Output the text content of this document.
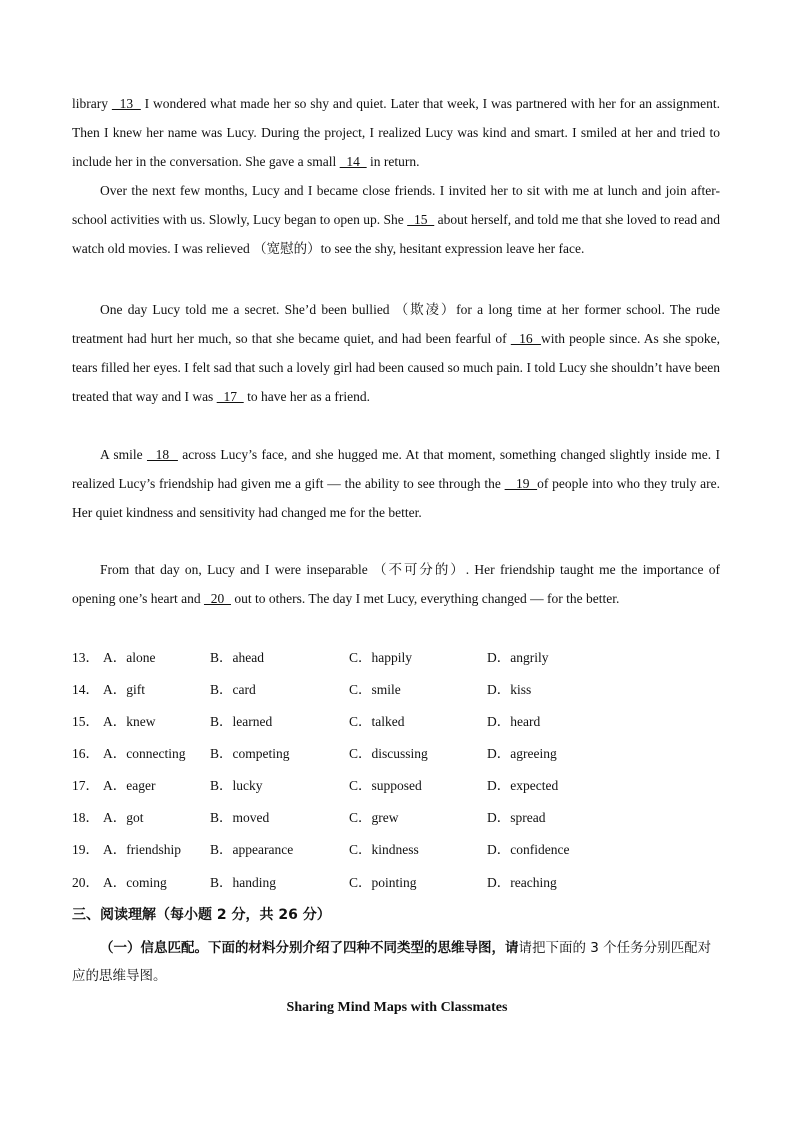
library   13   I wondered what made her so shy and quiet. Later that week, I was partnered with her for an assignment. Then I knew her name was Lucy. During the project, I realized Lucy was kind and smart. I smiled at her and tried to include her in the conversation. She gave a small   14   in return.
Over the next few months, Lucy and I became close friends. I invited her to sit with me at lunch and join after-school activities with us. Slowly, Lucy began to open up. She   15   about herself, and told me that she loved to read and watch old movies. I was relieved （宽慰的）to see the shy, hesitant expression leave her face.
One day Lucy told me a secret. She’d been bullied （欺凌）for a long time at her former school. The rude treatment had hurt her much, so that she became quiet, and had been fearful of   16  with people since. As she spoke, tears filled her eyes. I felt sad that such a lovely girl had been caused so much pain. I told Lucy she shouldn’t have been treated that way and I was   17   to have her as a friend.
A smile   18   across Lucy’s face, and she hugged me. At that moment, something changed slightly inside me. I realized Lucy’s friendship had given me a gift — the ability to see through the    19  of people into who they truly are. Her quiet kindness and sensitivity had changed me for the better.
From that day on, Lucy and I were inseparable （不可分的）. Her friendship taught me the importance of opening one’s heart and   20   out to others. The day I met Lucy, everything changed — for the better.
13． A．alone	B．ahead	C．happily	D．angrily
14． A．gift	B．card	C．smile	D．kiss
15． A．knew	B．learned	C．talked	D．heard
16． A．connecting B．competing	C．discussing	D．agreeing
17． A．eager	B．lucky	C．supposed	D．expected
18． A．got	B．moved	C．grew	D．spread
19． A．friendship B．appearance	C．kindness	D．confidence
20． A．coming	B．handing	C．pointing	D．reaching
三、阅读理解（每小题 2 分，共 26 分）
（一）信息匹配。下面的材料分别介绍了四种不同类型的思维导图，请请把下面的 3 个任务分别匹配对应的思维导图。
Sharing Mind Maps with Classmates
